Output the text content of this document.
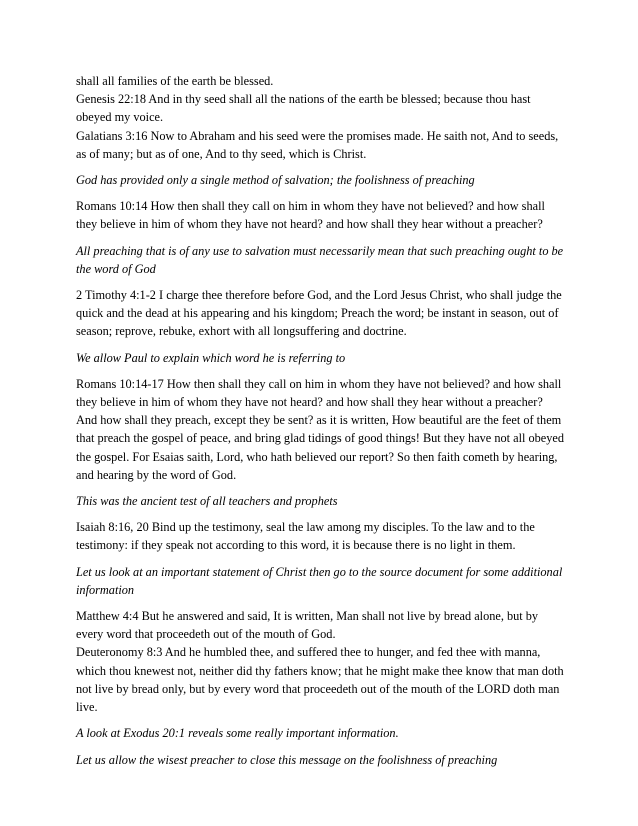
shall all families of the earth be blessed.

Genesis 22:18 And in thy seed shall all the nations of the earth be blessed; because thou hast obeyed my voice.

Galatians 3:16 Now to Abraham and his seed were the promises made. He saith not, And to seeds, as of many; but as of one, And to thy seed, which is Christ.

God has provided only a single method of salvation; the foolishness of preaching

Romans 10:14 How then shall they call on him in whom they have not believed? and how shall they believe in him of whom they have not heard? and how shall they hear without a preacher?

All preaching that is of any use to salvation must necessarily mean that such preaching ought to be the word of God

2 Timothy 4:1-2 I charge thee therefore before God, and the Lord Jesus Christ, who shall judge the quick and the dead at his appearing and his kingdom; Preach the word; be instant in season, out of season; reprove, rebuke, exhort with all longsuffering and doctrine.

We allow Paul to explain which word he is referring to

Romans 10:14-17 How then shall they call on him in whom they have not believed? and how shall they believe in him of whom they have not heard? and how shall they hear without a preacher? And how shall they preach, except they be sent? as it is written, How beautiful are the feet of them that preach the gospel of peace, and bring glad tidings of good things! But they have not all obeyed the gospel. For Esaias saith, Lord, who hath believed our report? So then faith cometh by hearing, and hearing by the word of God.

This was the ancient test of all teachers and prophets

Isaiah 8:16, 20 Bind up the testimony, seal the law among my disciples. To the law and to the testimony: if they speak not according to this word, it is because there is no light in them.

Let us look at an important statement of Christ then go to the source document for some additional information

Matthew 4:4 But he answered and said, It is written, Man shall not live by bread alone, but by every word that proceedeth out of the mouth of God.

Deuteronomy 8:3 And he humbled thee, and suffered thee to hunger, and fed thee with manna, which thou knewest not, neither did thy fathers know; that he might make thee know that man doth not live by bread only, but by every word that proceedeth out of the mouth of the LORD doth man live.

A look at Exodus 20:1 reveals some really important information.

Let us allow the wisest preacher to close this message on the foolishness of preaching
